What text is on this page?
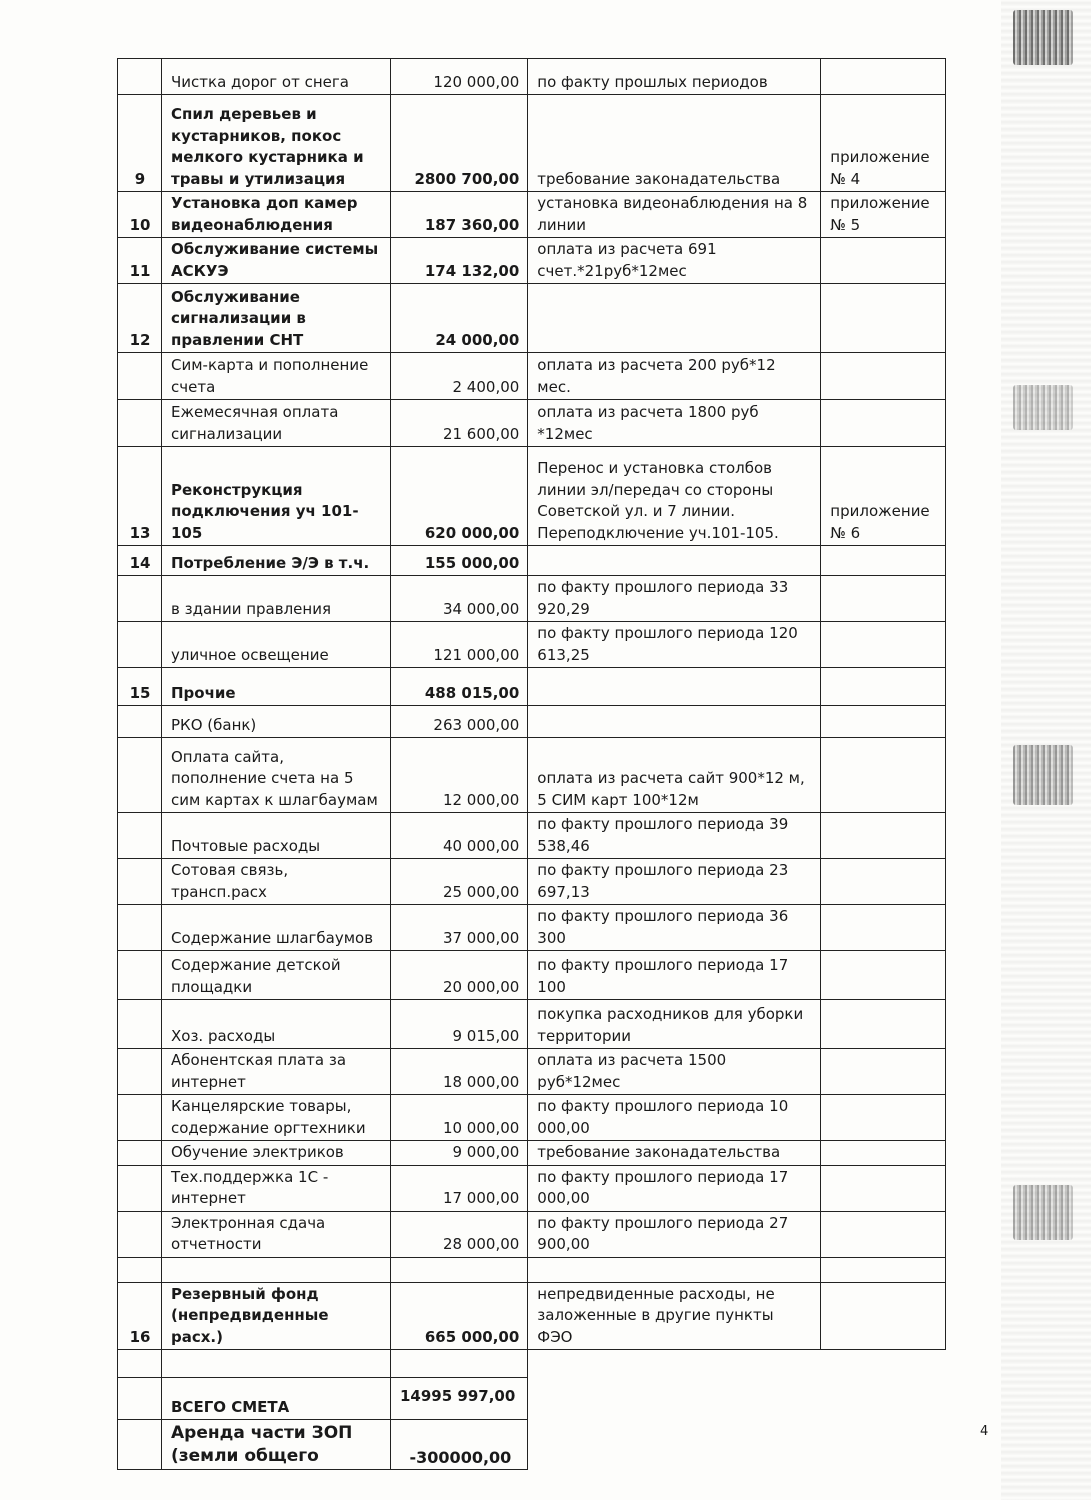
	Чистка дорог от снега	120 000,00	по факту прошлых периодов	
9	Спил деревьев и кустарников, покос мелкого кустарника и травы и утилизация	2800 700,00	требование законадательства	приложение № 4
10	Установка доп камер видеонаблюдения	187 360,00	установка видеонаблюдения на 8 линии	приложение № 5
11	Обслуживание системы АСКУЭ	174 132,00	оплата из расчета 691 счет.*21руб*12мес	
12	Обслуживание сигнализации в правлении СНТ	24 000,00		
	Сим-карта и пополнение счета	2 400,00	оплата из расчета 200 руб*12 мес.	
	Ежемесячная оплата сигнализации	21 600,00	оплата из расчета 1800 руб *12мес	
13	Реконструкция подключения уч 101-105	620 000,00	Перенос и установка столбов линии эл/передач со стороны Советской ул. и 7 линии. Переподключение уч.101-105.	приложение № 6
14	Потребление Э/Э в т.ч.	155 000,00		
	в здании правления	34 000,00	по факту прошлого периода 33 920,29	
	уличное освещение	121 000,00	по факту прошлого периода 120 613,25	
15	Прочие	488 015,00		
	РКО (банк)	263 000,00		
	Оплата сайта, пополнение счета на 5 сим картах к шлагбаумам	12 000,00	оплата из расчета сайт 900*12 м, 5 СИМ карт 100*12м	
	Почтовые расходы	40 000,00	по факту прошлого периода 39 538,46	
	Сотовая связь, трансп.расх	25 000,00	по факту прошлого периода 23 697,13	
	Содержание шлагбаумов	37 000,00	по факту прошлого периода 36 300	
	Содержание детской площадки	20 000,00	по факту прошлого периода 17 100	
	Хоз. расходы	9 015,00	покупка расходников для уборки территории	
	Абонентская плата за интернет	18 000,00	оплата из расчета 1500 руб*12мес	
	Канцелярские товары, содержание оргтехники	10 000,00	по факту прошлого периода 10 000,00	
	Обучение электриков	9 000,00	требование законадательства	
	Тех.поддержка 1С - интернет	17 000,00	по факту прошлого периода 17 000,00	
	Электронная сдача отчетности	28 000,00	по факту прошлого периода 27 900,00	

16	Резервный фонд (непредвиденные расх.)	665 000,00	непредвиденные расходы, не заложенные в другие пункты ФЭО	

	ВСЕГО СМЕТА	14995 997,00		
	Аренда части ЗОП (земли общего	-300000,00		
4
